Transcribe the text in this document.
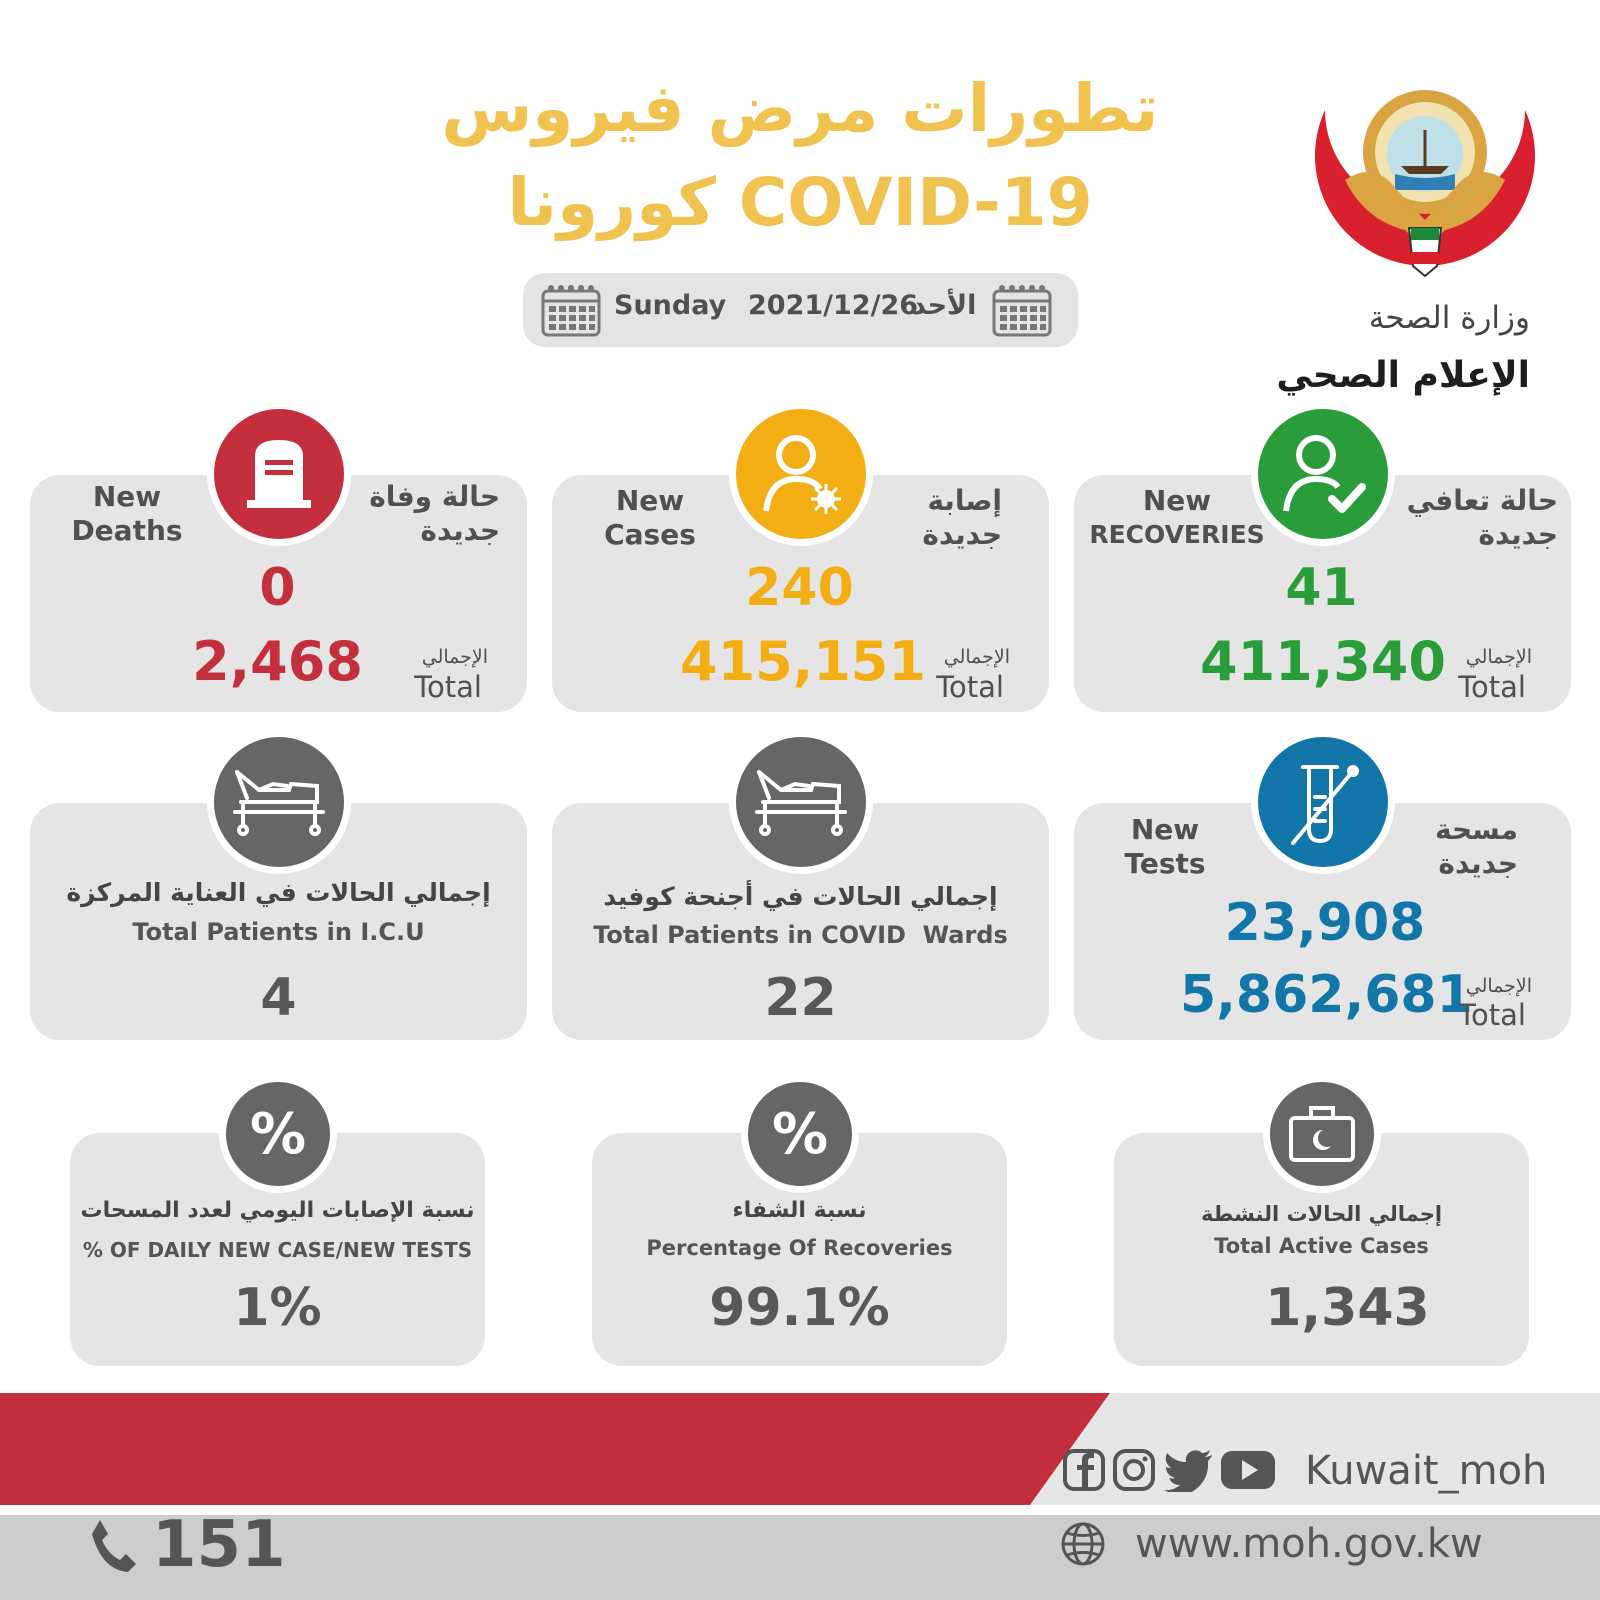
تطورات مرض فيروس
كورونا COVID-19
Sunday 2021/12/26
الأحد	وزارة الصحة
الإعلام الصحي
New
Deaths
حالة وفاة
جديدة
0
2,468	الإجمالي
Total
New
Cases
إصابة
جديدة
240
415,151 الإجمالي
Total
New
RECOVERIES
حالة تعافي
جديدة
41
411,340	الإجمالي
Total
إجمالي الحالات في العناية المركزة
Total Patients in I.C.U
4
إجمالي الحالات في أجنحة كوفيد
Total Patients in COVID  Wards
22
New
Tests
مسحة
جديدة
23,908
5,862,681
الإجمالي
Total
%
نسبة الإصابات اليومي لعدد المسحات
% OF DAILY NEW CASE/NEW TESTS
1%
%
نسبة الشفاء
Percentage Of Recoveries
99.1%
إجمالي الحالات النشطة
Total Active Cases
1,343
Kuwait_moh
www.moh.gov.kw
151
